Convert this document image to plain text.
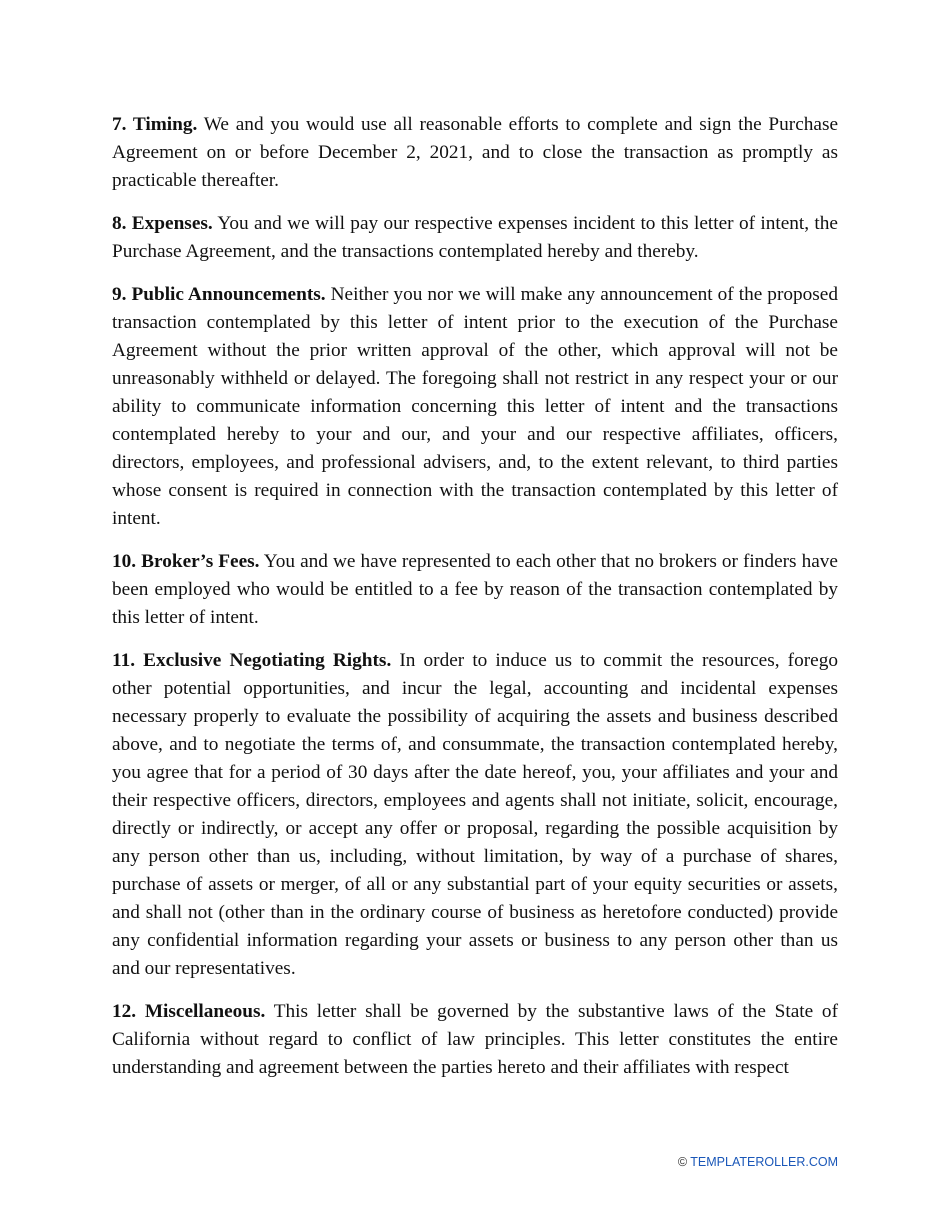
7. Timing. We and you would use all reasonable efforts to complete and sign the Purchase Agreement on or before December 2, 2021, and to close the transaction as promptly as practicable thereafter.

8. Expenses. You and we will pay our respective expenses incident to this letter of intent, the Purchase Agreement, and the transactions contemplated hereby and thereby.

9. Public Announcements. Neither you nor we will make any announcement of the proposed transaction contemplated by this letter of intent prior to the execution of the Purchase Agreement without the prior written approval of the other, which approval will not be unreasonably withheld or delayed. The foregoing shall not restrict in any respect your or our ability to communicate information concerning this letter of intent and the transactions contemplated hereby to your and our, and your and our respective affiliates, officers, directors, employees, and professional advisers, and, to the extent relevant, to third parties whose consent is required in connection with the transaction contemplated by this letter of intent.

10. Broker’s Fees. You and we have represented to each other that no brokers or finders have been employed who would be entitled to a fee by reason of the transaction contemplated by this letter of intent.

11. Exclusive Negotiating Rights. In order to induce us to commit the resources, forego other potential opportunities, and incur the legal, accounting and incidental expenses necessary properly to evaluate the possibility of acquiring the assets and business described above, and to negotiate the terms of, and consummate, the transaction contemplated hereby, you agree that for a period of 30 days after the date hereof, you, your affiliates and your and their respective officers, directors, employees and agents shall not initiate, solicit, encourage, directly or indirectly, or accept any offer or proposal, regarding the possible acquisition by any person other than us, including, without limitation, by way of a purchase of shares, purchase of assets or merger, of all or any substantial part of your equity securities or assets, and shall not (other than in the ordinary course of business as heretofore conducted) provide any confidential information regarding your assets or business to any person other than us and our representatives.

12. Miscellaneous. This letter shall be governed by the substantive laws of the State of California without regard to conflict of law principles. This letter constitutes the entire understanding and agreement between the parties hereto and their affiliates with respect

© TEMPLATEROLLER.COM
